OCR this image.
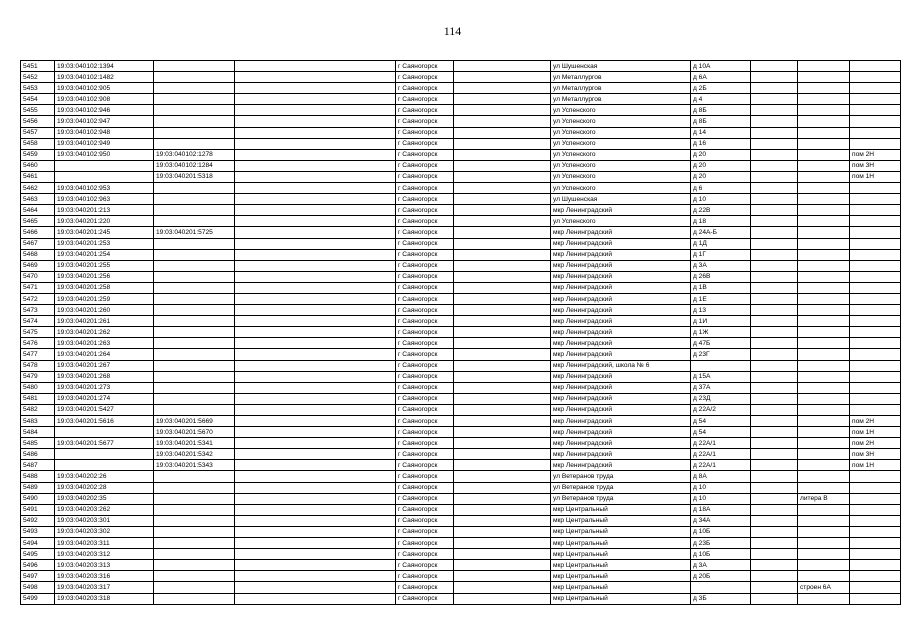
114
5451	19:03:040102:1394			г Саяногорск		ул Шушенская	д 10А			
5452	19:03:040102:1482			г Саяногорск		ул Металлургов	д 6А			
5453	19:03:040102:905			г Саяногорск		ул Металлургов	д 2Б			
5454	19:03:040102:908			г Саяногорск		ул Металлургов	д 4			
5455	19:03:040102:946			г Саяногорск		ул Успенского	д 8Б			
5456	19:03:040102:947			г Саяногорск		ул Успенского	д 8Б			
5457	19:03:040102:948			г Саяногорск		ул Успенского	д 14			
5458	19:03:040102:949			г Саяногорск		ул Успенского	д 16			
5459	19:03:040102:950	19:03:040102:1278		г Саяногорск		ул Успенского	д 20			пом 2Н
5460		19:03:040102:1284		г Саяногорск		ул Успенского	д 20			пом 3Н
5461		19:03:040201:5318		г Саяногорск		ул Успенского	д 20			пом 1Н
5462	19:03:040102:953			г Саяногорск		ул Успенского	д 6			
5463	19:03:040102:963			г Саяногорск		ул Шушенская	д 10			
5464	19:03:040201:213			г Саяногорск		мкр Ленинградский	д 22В			
5465	19:03:040201:220			г Саяногорск		ул Успенского	д 18			
5466	19:03:040201:245	19:03:040201:5725		г Саяногорск		мкр Ленинградский	д 24А-Б			
5467	19:03:040201:253			г Саяногорск		мкр Ленинградский	д 1Д			
5468	19:03:040201:254			г Саяногорск		мкр Ленинградский	д 1Г			
5469	19:03:040201:255			г Саяногорск		мкр Ленинградский	д 3А			
5470	19:03:040201:256			г Саяногорск		мкр Ленинградский	д 26В			
5471	19:03:040201:258			г Саяногорск		мкр Ленинградский	д 1В			
5472	19:03:040201:259			г Саяногорск		мкр Ленинградский	д 1Е			
5473	19:03:040201:260			г Саяногорск		мкр Ленинградский	д 13			
5474	19:03:040201:261			г Саяногорск		мкр Ленинградский	д 1И			
5475	19:03:040201:262			г Саяногорск		мкр Ленинградский	д 1Ж			
5476	19:03:040201:263			г Саяногорск		мкр Ленинградский	д 47Б			
5477	19:03:040201:264			г Саяногорск		мкр Ленинградский	д 23Г			
5478	19:03:040201:267			г Саяногорск		мкр Ленинградский, школа № 6				
5479	19:03:040201:268			г Саяногорск		мкр Ленинградский	д 15А			
5480	19:03:040201:273			г Саяногорск		мкр Ленинградский	д 37А			
5481	19:03:040201:274			г Саяногорск		мкр Ленинградский	д 23Д			
5482	19:03:040201:5427			г Саяногорск		мкр Ленинградский	д 22А/2			
5483	19:03:040201:5616	19:03:040201:5669		г Саяногорск		мкр Ленинградский	д 54			пом 2Н
5484		19:03:040201:5670		г Саяногорск		мкр Ленинградский	д 54			пом 1Н
5485	19:03:040201:5677	19:03:040201:5341		г Саяногорск		мкр Ленинградский	д 22А/1			пом 2Н
5486		19:03:040201:5342		г Саяногорск		мкр Ленинградский	д 22А/1			пом 3Н
5487		19:03:040201:5343		г Саяногорск		мкр Ленинградский	д 22А/1			пом 1Н
5488	19:03:040202:26			г Саяногорск		ул Ветеранов труда	д 8А			
5489	19:03:040202:28			г Саяногорск		ул Ветеранов труда	д 10			
5490	19:03:040202:35			г Саяногорск		ул Ветеранов труда	д 10		литера В	
5491	19:03:040203:262			г Саяногорск		мкр Центральный	д 18А			
5492	19:03:040203:301			г Саяногорск		мкр Центральный	д 34А			
5493	19:03:040203:302			г Саяногорск		мкр Центральный	д 10Б			
5494	19:03:040203:311			г Саяногорск		мкр Центральный	д 23Б			
5495	19:03:040203:312			г Саяногорск		мкр Центральный	д 10Б			
5496	19:03:040203:313			г Саяногорск		мкр Центральный	д 3А			
5497	19:03:040203:316			г Саяногорск		мкр Центральный	д 20Б			
5498	19:03:040203:317			г Саяногорск		мкр Центральный			строен 6А	
5499	19:03:040203:318			г Саяногорск		мкр Центральный	д 3Б			
